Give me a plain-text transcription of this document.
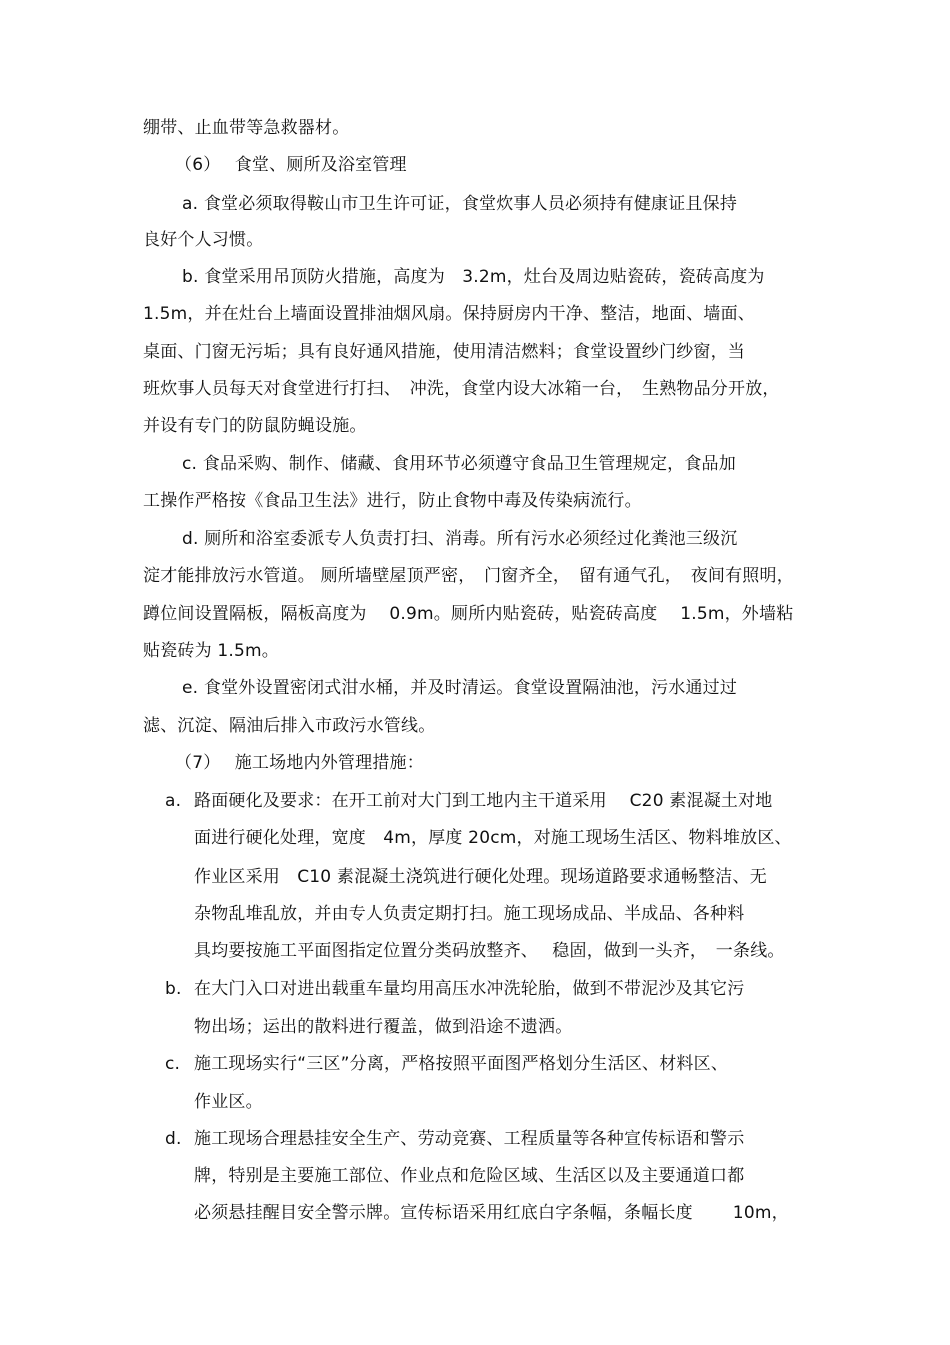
绷带、止血带等急救器材。
（6）　 食堂、厕所及浴室管理
a. 食堂必须取得鞍山市卫生许可证，食堂炊事人员必须持有健康证且保持
良好个人习惯。
b. 食堂采用吊顶防火措施，高度为　3.2m，灶台及周边贴瓷砖，瓷砖高度为
1.5m，并在灶台上墙面设置排油烟风扇。保持厨房内干净、整洁，地面、墙面、
桌面、门窗无污垢；具有良好通风措施，使用清洁燃料；食堂设置纱门纱窗，当
班炊事人员每天对食堂进行打扫、　冲洗，食堂内设大冰箱一台，　生熟物品分开放，
并设有专门的防鼠防蝇设施。
c. 食品采购、制作、储藏、食用环节必须遵守食品卫生管理规定，食品加
工操作严格按《食品卫生法》进行，防止食物中毒及传染病流行。
d. 厕所和浴室委派专人负责打扫、消毒。所有污水必须经过化粪池三级沉
淀才能排放污水管道。 厕所墙壁屋顶严密，　门窗齐全，　留有通气孔，　夜间有照明，
蹲位间设置隔板，隔板高度为　 0.9m。厕所内贴瓷砖，贴瓷砖高度　 1.5m，外墙粘
贴瓷砖为 1.5m。
e. 食堂外设置密闭式泔水桶，并及时清运。食堂设置隔油池，污水通过过
滤、沉淀、隔油后排入市政污水管线。
（7）　 施工场地内外管理措施：
a. 路面硬化及要求：在开工前对大门到工地内主干道采用　 C20 素混凝土对地
面进行硬化处理，宽度　4m，厚度 20cm，对施工现场生活区、物料堆放区、
作业区采用　C10 素混凝土浇筑进行硬化处理。现场道路要求通畅整洁、无
杂物乱堆乱放，并由专人负责定期打扫。施工现场成品、半成品、各种料
具均要按施工平面图指定位置分类码放整齐、　 稳固，做到一头齐，　一条线。
b. 在大门入口对进出载重车量均用高压水冲洗轮胎，做到不带泥沙及其它污
物出场；运出的散料进行覆盖，做到沿途不遗洒。
c. 施工现场实行“三区”分离，严格按照平面图严格划分生活区、材料区、
作业区。
d. 施工现场合理悬挂安全生产、劳动竞赛、工程质量等各种宣传标语和警示
牌，特别是主要施工部位、作业点和危险区域、生活区以及主要通道口都
必须悬挂醒目安全警示牌。宣传标语采用红底白字条幅，条幅长度　　 10m，
